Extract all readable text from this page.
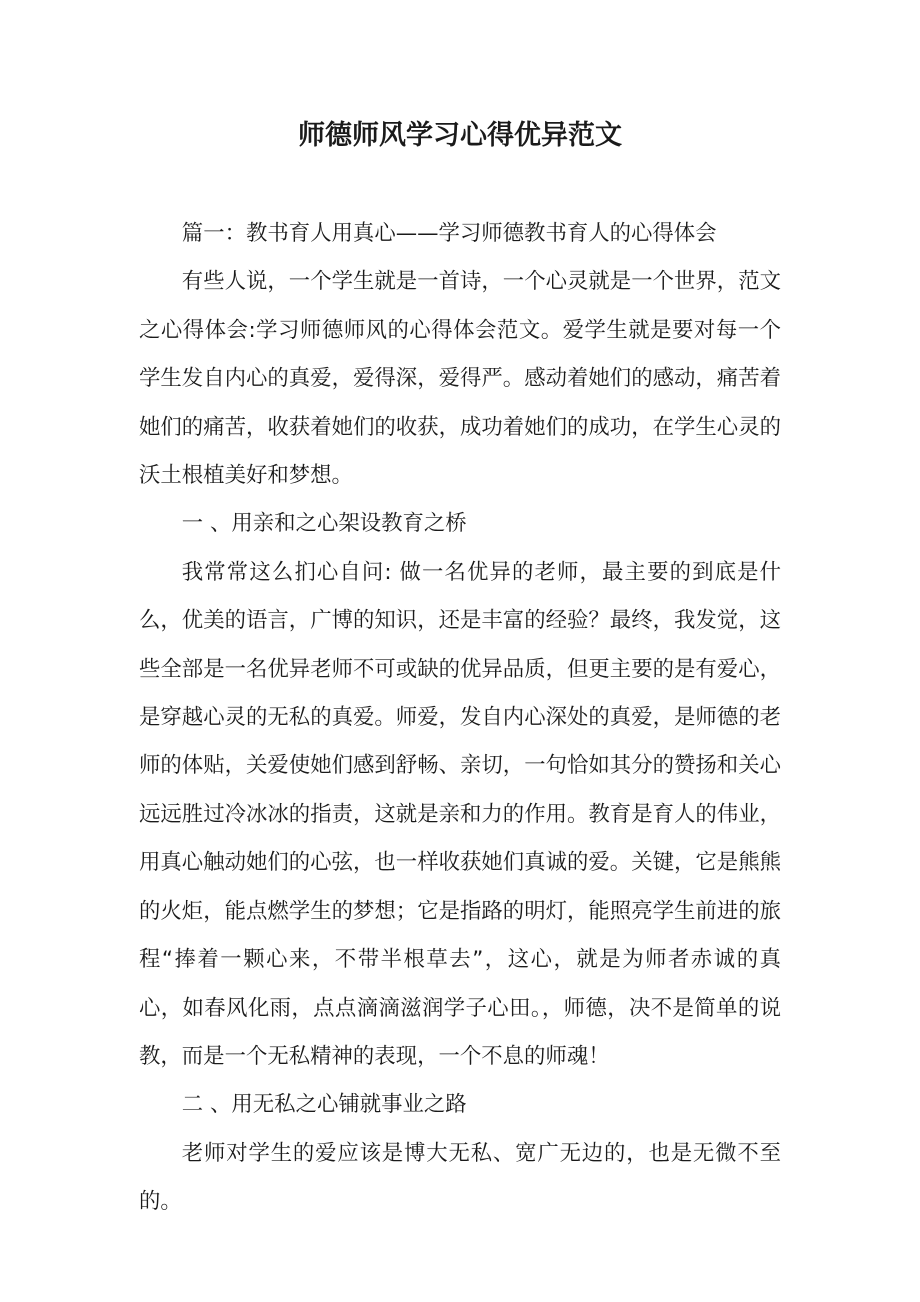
师德师风学习心得优异范文

篇一：教书育人用真心——学习师德教书育人的心得体会

有些人说，一个学生就是一首诗，一个心灵就是一个世界，范文之心得体会:学习师德师风的心得体会范文。爱学生就是要对每一个学生发自内心的真爱，爱得深，爱得严。感动着她们的感动，痛苦着她们的痛苦，收获着她们的收获，成功着她们的成功，在学生心灵的沃土根植美好和梦想。

一 、用亲和之心架设教育之桥

我常常这么扪心自问: 做一名优异的老师，最主要的到底是什么，优美的语言，广博的知识，还是丰富的经验？最终，我发觉，这些全部是一名优异老师不可或缺的优异品质，但更主要的是有爱心，是穿越心灵的无私的真爱。师爱，发自内心深处的真爱，是师德的老师的体贴，关爱使她们感到舒畅、亲切，一句恰如其分的赞扬和关心远远胜过冷冰冰的指责，这就是亲和力的作用。教育是育人的伟业，用真心触动她们的心弦，也一样收获她们真诚的爱。关键，它是熊熊的火炬，能点燃学生的梦想；它是指路的明灯，能照亮学生前进的旅程“捧着一颗心来，不带半根草去”，这心，就是为师者赤诚的真心，如春风化雨，点点滴滴滋润学子心田。，师德，决不是简单的说教，而是一个无私精神的表现，一个不息的师魂！

二 、用无私之心铺就事业之路

老师对学生的爱应该是博大无私、宽广无边的，也是无微不至的。
